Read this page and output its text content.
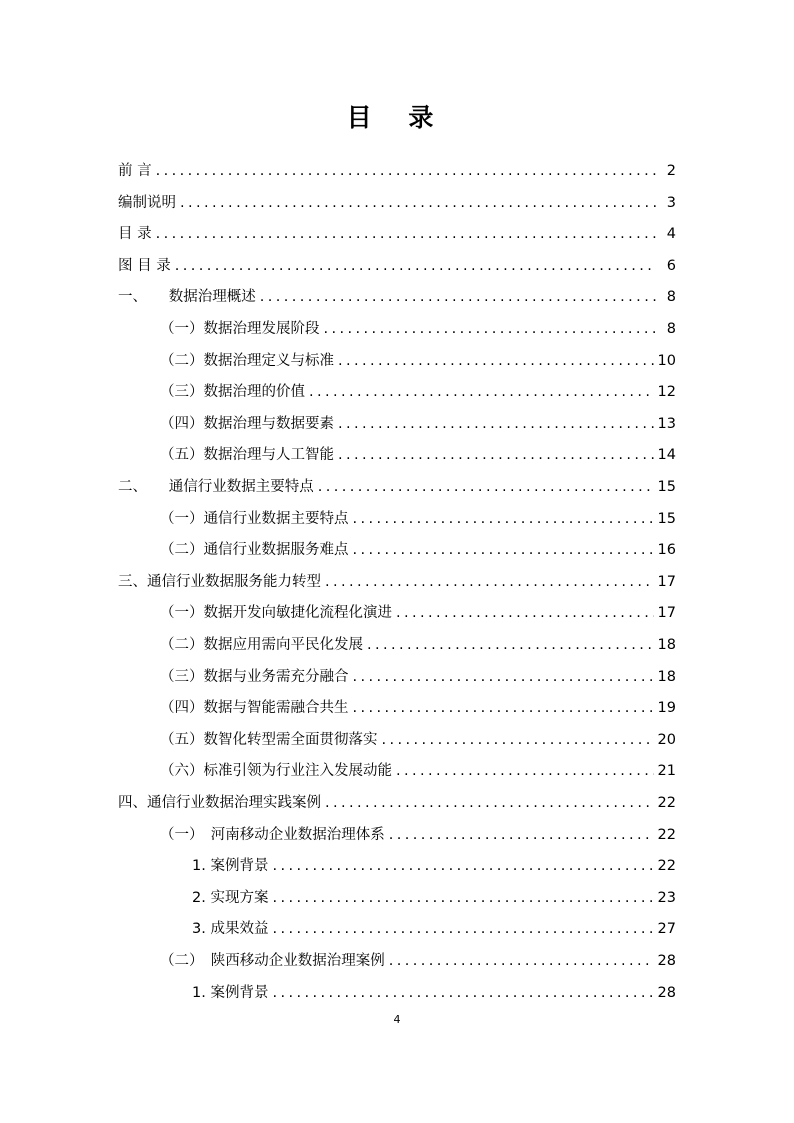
目 录
前 言 .....	2
编制说明 .....	3
目 录 .....	4
图 目 录 .....	6
一、　　数据治理概述 .....	8
（一）数据治理发展阶段 .....	8
（二）数据治理定义与标准 .....	10
（三）数据治理的价值 .....	12
（四）数据治理与数据要素 .....	13
（五）数据治理与人工智能 .....	14
二、　　通信行业数据主要特点 .....	15
（一）通信行业数据主要特点 .....	15
（二）通信行业数据服务难点 .....	16
三、通信行业数据服务能力转型 .....	17
（一）数据开发向敏捷化流程化演进 .....	17
（二）数据应用需向平民化发展 .....	18
（三）数据与业务需充分融合 .....	18
（四）数据与智能需融合共生 .....	19
（五）数智化转型需全面贯彻落实 .....	20
（六）标准引领为行业注入发展动能 .....	21
四、通信行业数据治理实践案例 .....	22
（一）　河南移动企业数据治理体系 .....	22
1. 案例背景 .....	22
2. 实现方案 .....	23
3. 成果效益 .....	27
（二）　陕西移动企业数据治理案例 .....	28
1. 案例背景 .....	28
4
